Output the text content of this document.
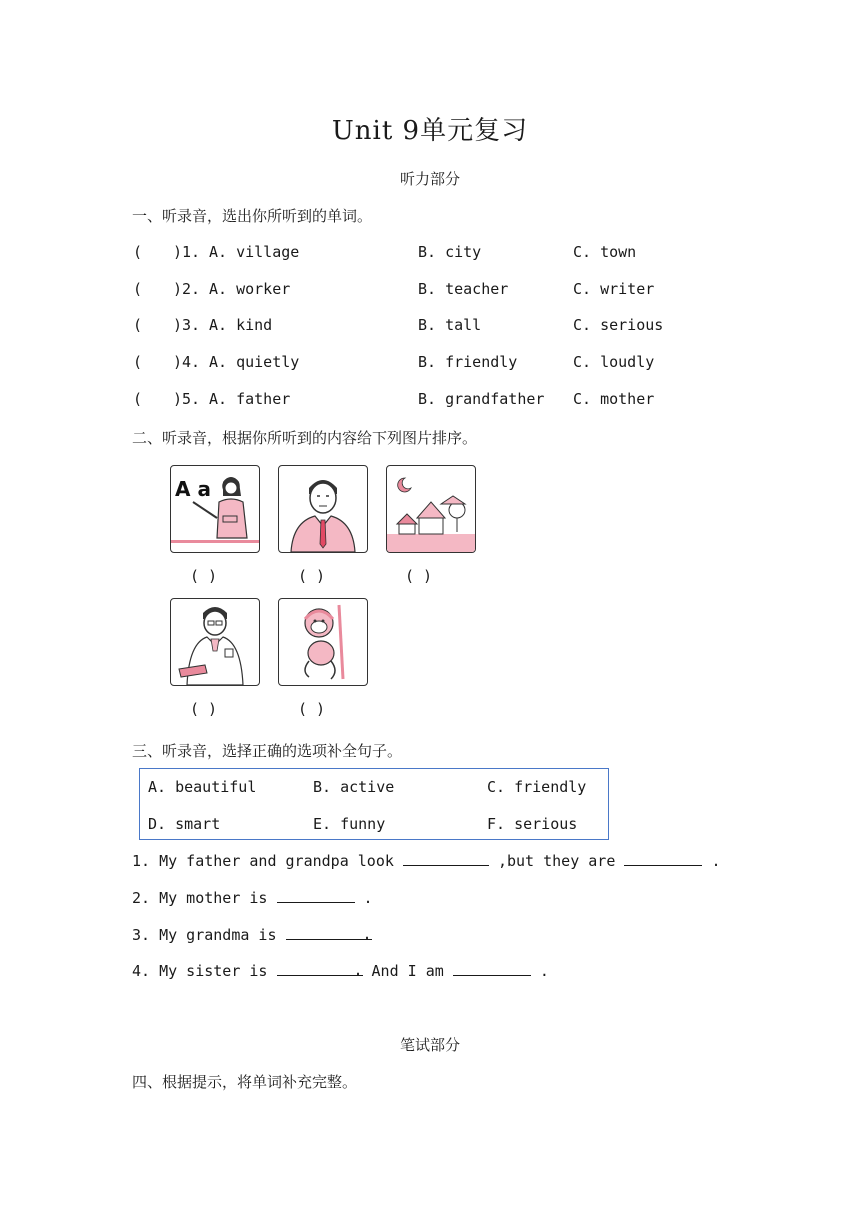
Unit 9单元复习
听力部分
一、听录音，选出你所听到的单词。
( )1. A. village	B. city	C. town
( )2. A. worker	B. teacher	C. writer
( )3. A. kind	B. tall	C. serious
( )4. A. quietly	B. friendly	C. loudly
( )5. A. father	B. grandfather C. mother
二、听录音，根据你所听到的内容给下列图片排序。
A a
( )	( )	( )
( )	( )
三、听录音，选择正确的选项补全句子。
A. beautiful	B. active	C. friendly
D. smart	E. funny	F. serious
1. My father and grandpa look	,but they are	.
2. My mother is	.
3. My grandma is	.
4. My sister is	. And I am	.
笔试部分
四、根据提示，将单词补充完整。
